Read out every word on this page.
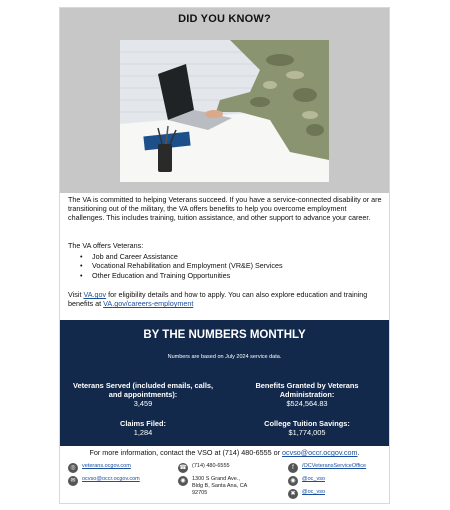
DID YOU KNOW?
The VA is committed to helping Veterans succeed. If you have a service-connected disability or are transitioning out of the military, the VA offers benefits to help you overcome employment challenges. This includes training, tuition assistance, and other support to advance your career.
The VA offers Veterans:
• Job and Career Assistance
• Vocational Rehabilitation and Employment (VR&E) Services
• Other Education and Training Opportunities
Visit VA.gov for eligibility details and how to apply. You can also explore education and training benefits at VA.gov/careers-employment
BY THE NUMBERS MONTHLY
Numbers are based on July 2024 service data.
Veterans Served (included emails, calls, and appointments):
3,459
Benefits Granted by Veterans Administration:
$524,564.83
Claims Filed:
1,284
College Tuition Savings:
$1,774,005
For more information, contact the VSO at (714) 480-6555 or ocvso@occr.ocgov.com.
◎ veterans.ocgov.com
✉ ocvso@occr.ocgov.com
☎ (714) 480-6555
◉ 1300 S Grand Ave.,
Bldg B, Santa Ana, CA
92705
f /OCVeteransServiceOffice
◉ @oc_vso
✖ @oc_vso
